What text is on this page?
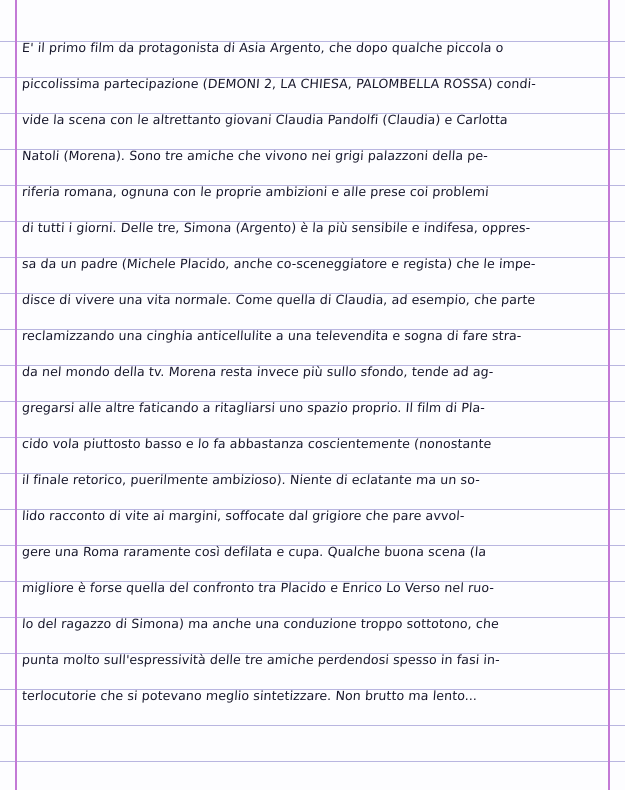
E' il primo film da protagonista di Asia Argento, che dopo qualche piccola o
piccolissima partecipazione (DEMONI 2, LA CHIESA, PALOMBELLA ROSSA) condi-
vide la scena con le altrettanto giovani Claudia Pandolfi (Claudia) e Carlotta
Natoli (Morena). Sono tre amiche che vivono nei grigi palazzoni della pe-
riferia romana, ognuna con le proprie ambizioni e alle prese coi problemi
di tutti i giorni. Delle tre, Simona (Argento) è la più sensibile e indifesa, oppres-
sa da un padre (Michele Placido, anche co-sceneggiatore e regista) che le impe-
disce di vivere una vita normale. Come quella di Claudia, ad esempio, che parte
reclamizzando una cinghia anticellulite a una televendita e sogna di fare stra-
da nel mondo della tv. Morena resta invece più sullo sfondo, tende ad ag-
gregarsi alle altre faticando a ritagliarsi uno spazio proprio. Il film di Pla-
cido vola piuttosto basso e lo fa abbastanza coscientemente (nonostante
il finale retorico, puerilmente ambizioso). Niente di eclatante ma un so-
lido racconto di vite ai margini, soffocate dal grigiore che pare avvol-
gere una Roma raramente così defilata e cupa. Qualche buona scena (la
migliore è forse quella del confronto tra Placido e Enrico Lo Verso nel ruo-
lo del ragazzo di Simona) ma anche una conduzione troppo sottotono, che
punta molto sull'espressività delle tre amiche perdendosi spesso in fasi in-
terlocutorie che si potevano meglio sintetizzare. Non brutto ma lento...
